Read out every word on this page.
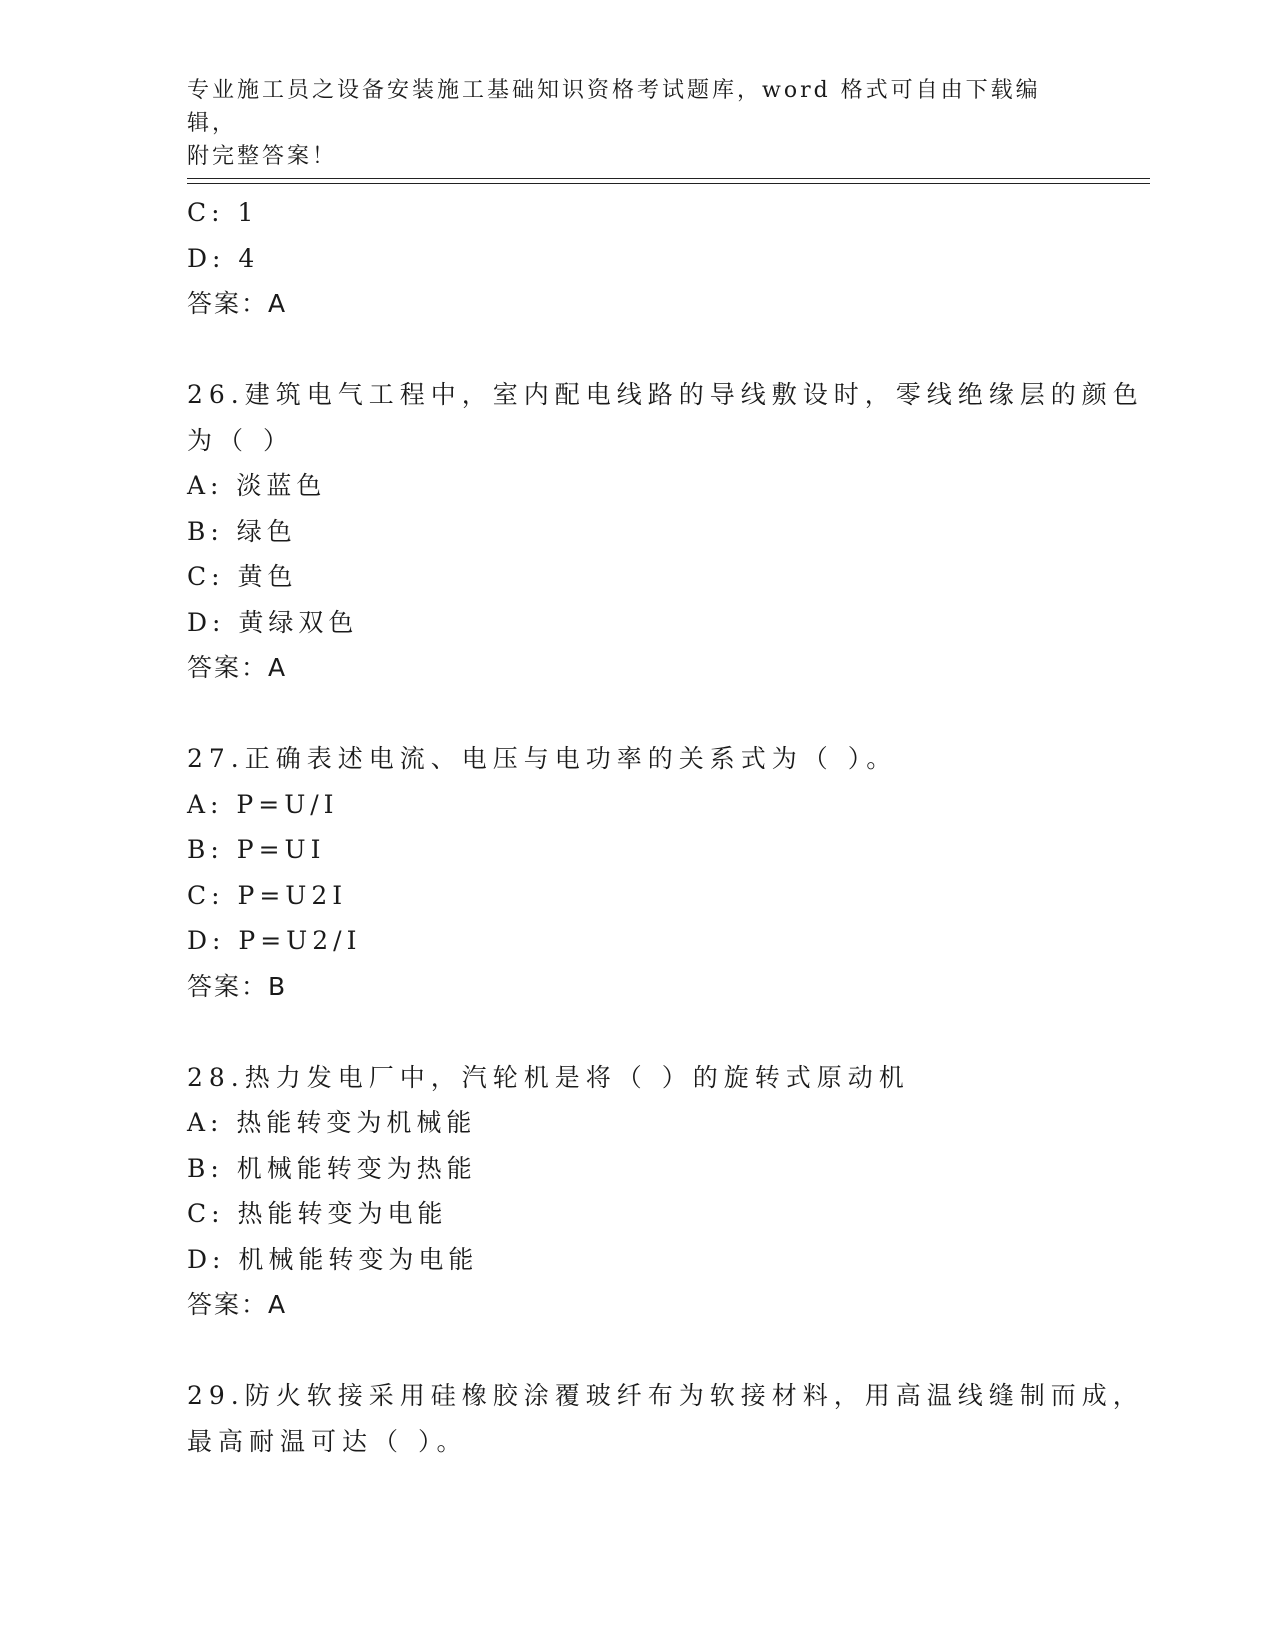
专业施工员之设备安装施工基础知识资格考试题库，word 格式可自由下载编辑，
附完整答案！
C: 1
D: 4
答案：A
26.建筑电气工程中，室内配电线路的导线敷设时，零线绝缘层的颜色
为（ ）
A: 淡蓝色
B: 绿色
C: 黄色
D: 黄绿双色
答案：A
27.正确表述电流、电压与电功率的关系式为（ ）。
A: P=U/I
B: P=UI
C: P=U2I
D: P=U2/I
答案：B
28.热力发电厂中，汽轮机是将（ ）的旋转式原动机
A: 热能转变为机械能
B: 机械能转变为热能
C: 热能转变为电能
D: 机械能转变为电能
答案：A
29.防火软接采用硅橡胶涂覆玻纤布为软接材料，用高温线缝制而成，
最高耐温可达（ ）。
